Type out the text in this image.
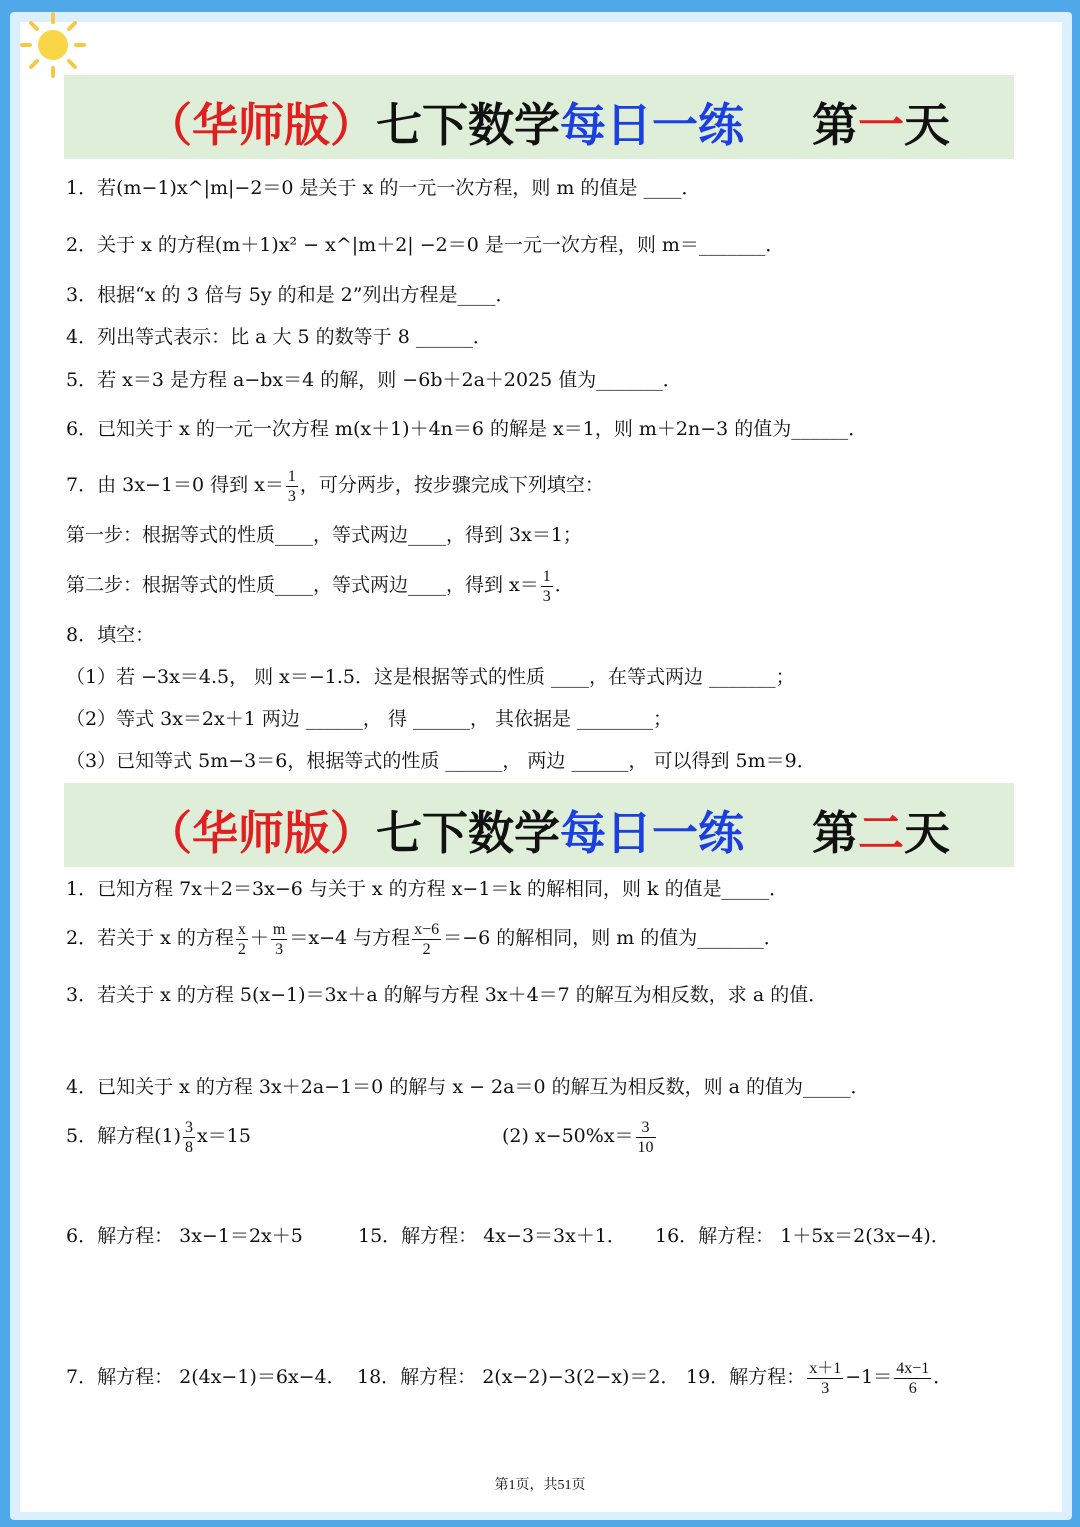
（华师版）七下数学每日一练 第一天
1．若(m−1)x^|m|−2＝0 是关于 x 的一元一次方程，则 m 的值是 ____．
2．关于 x 的方程(m＋1)x² − x^|m＋2| −2＝0 是一元一次方程，则 m＝_______．
3．根据“x 的 3 倍与 5y 的和是 2”列出方程是____．
4．列出等式表示：比 a 大 5 的数等于 8 ______．
5．若 x＝3 是方程 a−bx＝4 的解，则 −6b＋2a＋2025 值为_______．
6．已知关于 x 的一元一次方程 m(x＋1)＋4n＝6 的解是 x＝1，则 m＋2n−3 的值为______．
7．由 3x−1＝0 得到 $x= \frac{1}{3}$ ，可分两步，按步骤完成下列填空：
第一步：根据等式的性质____，等式两边____，得到 3x＝1；
第二步：根据等式的性质____，等式两边____，得到 $x= \frac{1}{3}$ ．
8．填空：
（1）若 −3x＝4.5， 则 x＝−1.5．这是根据等式的性质 ____，在等式两边 _______；
（2）等式 3x＝2x＋1 两边 ______， 得 ______， 其依据是 ________；
（3）已知等式 5m−3＝6，根据等式的性质 ______， 两边 ______， 可以得到 5m＝9．
（华师版）七下数学每日一练 第二天
1．已知方程 7x＋2＝3x−6 与关于 x 的方程 x−1＝k 的解相同，则 k 的值是_____．
2．若关于 x 的方程 $\frac{x}{2} + \frac{m}{3} =x-4$ 与方程 $\frac{x-6}{2} =-6$ 的解相同，则 m 的值为_______．
3．若关于 x 的方程 5(x−1)＝3x＋a 的解与方程 3x＋4＝7 的解互为相反数，求 a 的值．
4．已知关于 x 的方程 3x＋2a−1＝0 的解与 x − 2a＝0 的解互为相反数，则 a 的值为_____．
5．解方程$(1) \frac{3}{8} x=15$	(2) $x-50\%x= \frac{3}{10}$
6．解方程： 3x−1＝2x＋5	15．解方程： 4x−3＝3x＋1． 16．解方程： 1＋5x＝2(3x−4)．
7．解方程： 2(4x−1)＝6x−4． 18．解方程： 2(x−2)−3(2−x)＝2． 19．解方程： $\frac{x+1}{3} -1= \frac{4x-1}{6}$ ．
第1页，共51页
